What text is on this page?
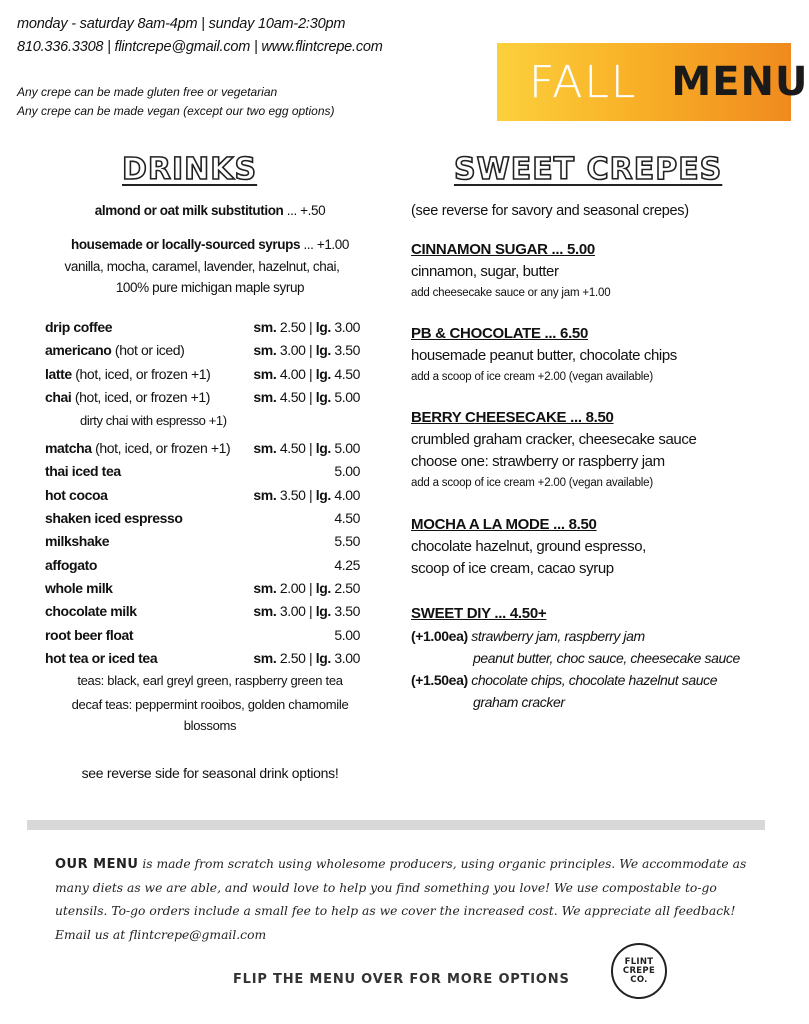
monday - saturday 8am-4pm | sunday 10am-2:30pm
810.336.3308 | flintcrepe@gmail.com | www.flintcrepe.com
Any crepe can be made gluten free or vegetarian
Any crepe can be made vegan (except our two egg options)
FALL MENU
DRINKS
almond or oat milk substitution ... +.50
housemade or locally-sourced syrups ... +1.00
vanilla, mocha, caramel, lavender, hazelnut, chai,
100% pure michigan maple syrup
drip coffee	sm. 2.50 | lg. 3.00
americano (hot or iced)	sm. 3.00 | lg. 3.50
latte (hot, iced, or frozen +1)	sm. 4.00 | lg. 4.50
chai (hot, iced, or frozen +1)	sm. 4.50 | lg. 5.00
dirty chai with espresso +1)
matcha (hot, iced, or frozen +1) sm. 4.50 | lg. 5.00
thai iced tea	5.00
hot cocoa	sm. 3.50 | lg. 4.00
shaken iced espresso	4.50
milkshake	5.50
affogato	4.25
whole milk	sm. 2.00 | lg. 2.50
chocolate milk	sm. 3.00 | lg. 3.50
root beer float	5.00
hot tea or iced tea	sm. 2.50 | lg. 3.00
teas: black, earl greyl green, raspberry green tea
decaf teas: peppermint rooibos, golden chamomile
blossoms
see reverse side for seasonal drink options!
SWEET CREPES
(see reverse for savory and seasonal crepes)
CINNAMON SUGAR ... 5.00
cinnamon, sugar, butter
add cheesecake sauce or any jam +1.00
PB & CHOCOLATE ... 6.50
housemade peanut butter, chocolate chips
add a scoop of ice cream +2.00 (vegan available)
BERRY CHEESECAKE ... 8.50
crumbled graham cracker, cheesecake sauce
choose one: strawberry or raspberry jam
add a scoop of ice cream +2.00 (vegan available)
MOCHA A LA MODE ... 8.50
chocolate hazelnut, ground espresso,
scoop of ice cream, cacao syrup
SWEET DIY ... 4.50+
(+1.00ea) strawberry jam, raspberry jam
peanut butter, choc sauce, cheesecake sauce
(+1.50ea) chocolate chips, chocolate hazelnut sauce
graham cracker
OUR MENU is made from scratch using wholesome producers, using organic principles. We accommodate as many diets as we are able, and would love to help you find something you love! We use compostable to-go utensils. To-go orders include a small fee to help as we cover the increased cost. We appreciate all feedback! Email us at flintcrepe@gmail.com
FLIP THE MENU OVER FOR MORE OPTIONS
FLINT
CREPE
CO.
